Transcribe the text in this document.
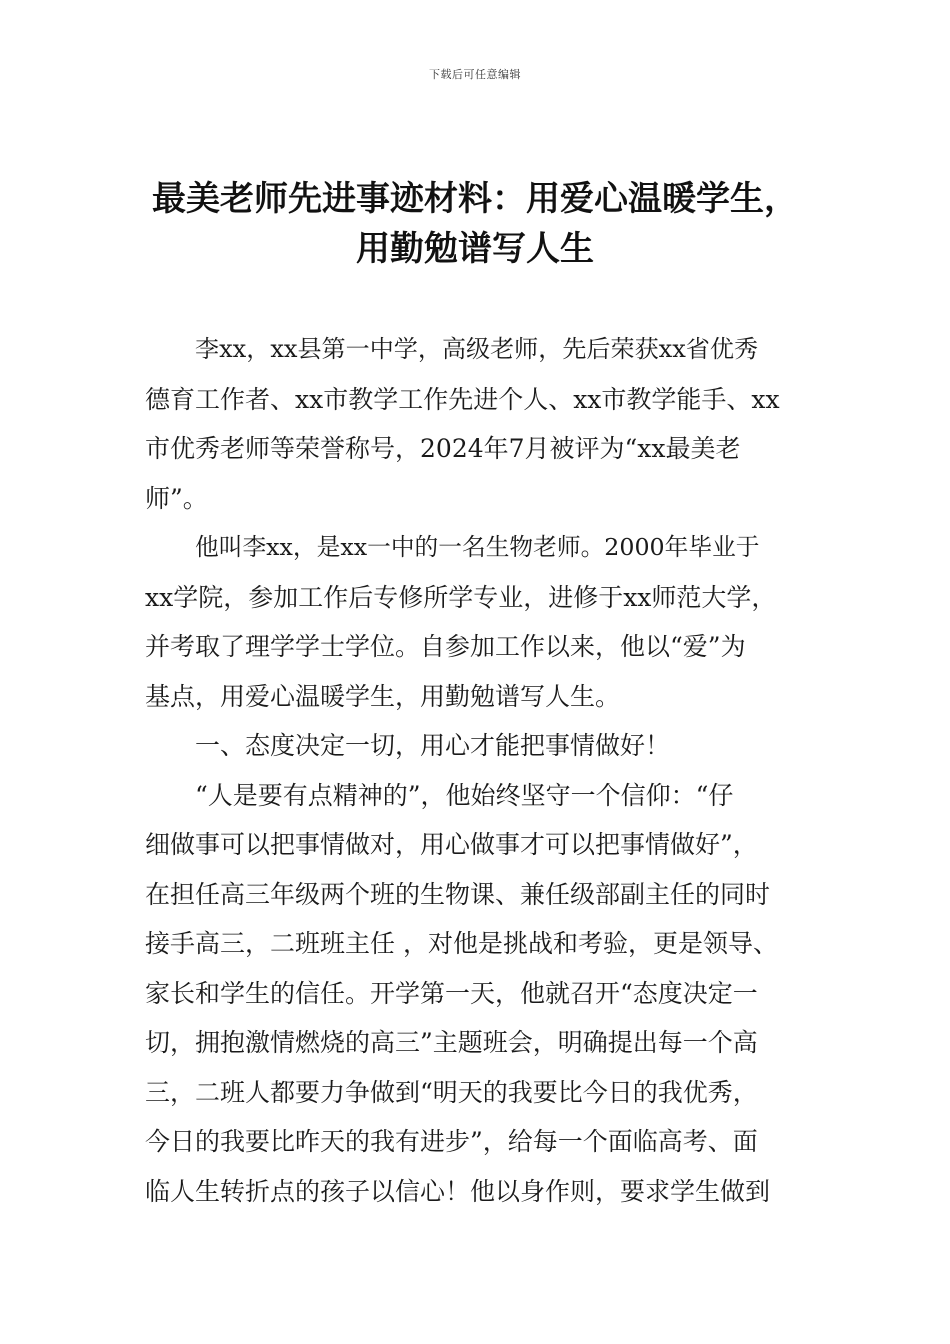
下载后可任意编辑
最美老师先进事迹材料：用爱心温暖学生，
用勤勉谱写人生
李xx，xx县第一中学，高级老师，先后荣获xx省优秀
德育工作者、xx市教学工作先进个人、xx市教学能手、xx
市优秀老师等荣誉称号，2024年7月被评为“xx最美老
师”。
他叫李xx，是xx一中的一名生物老师。2000年毕业于
xx学院，参加工作后专修所学专业，进修于xx师范大学，
并考取了理学学士学位。自参加工作以来，他以“爱”为
基点，用爱心温暖学生，用勤勉谱写人生。
一、态度决定一切，用心才能把事情做好！
“人是要有点精神的”，他始终坚守一个信仰：“仔
细做事可以把事情做对，用心做事才可以把事情做好”，
在担任高三年级两个班的生物课、兼任级部副主任的同时
接手高三，二班班主任 ，对他是挑战和考验，更是领导、
家长和学生的信任。开学第一天，他就召开“态度决定一
切，拥抱激情燃烧的高三”主题班会，明确提出每一个高
三，二班人都要力争做到“明天的我要比今日的我优秀，
今日的我要比昨天的我有进步”，给每一个面临高考、面
临人生转折点的孩子以信心！他以身作则，要求学生做到
